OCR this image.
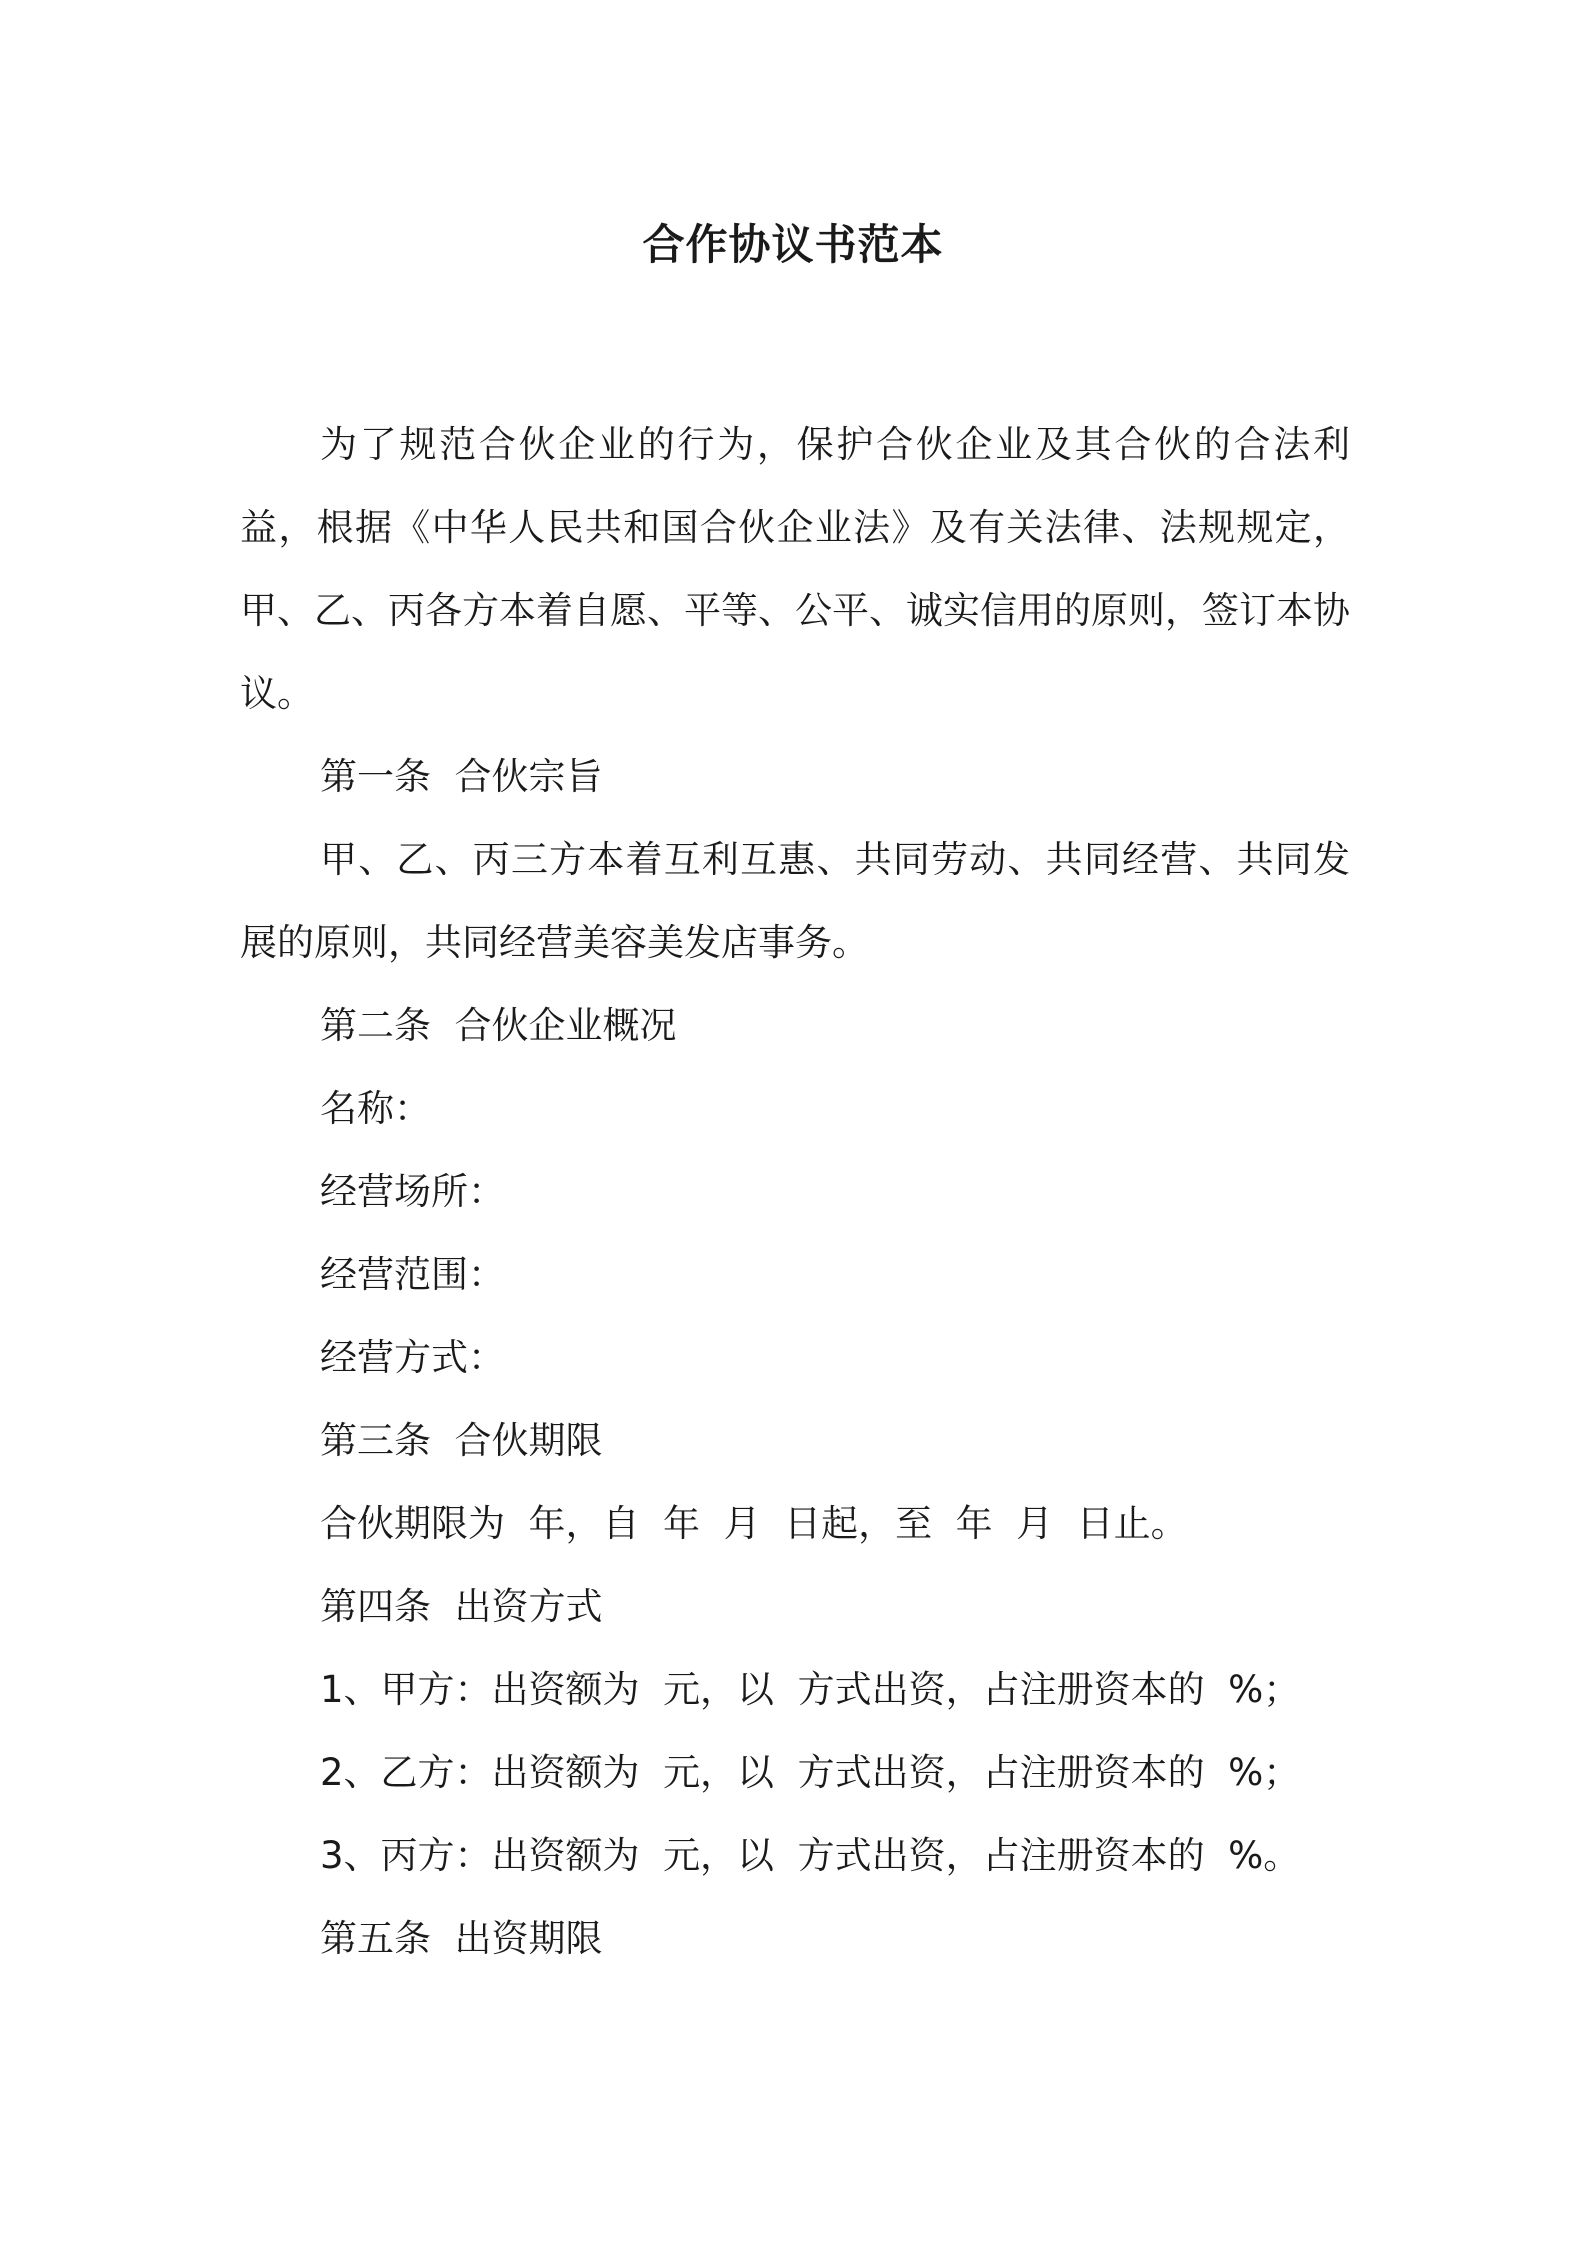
合作协议书范本

为了规范合伙企业的行为，保护合伙企业及其合伙的合法利益，根据《中华人民共和国合伙企业法》及有关法律、法规规定，甲、乙、丙各方本着自愿、平等、公平、诚实信用的原则，签订本协议。

第一条  合伙宗旨

甲、乙、丙三方本着互利互惠、共同劳动、共同经营、共同发展的原则，共同经营美容美发店事务。

第二条  合伙企业概况

名称：

经营场所：

经营范围：

经营方式：

第三条  合伙期限

合伙期限为  年，自  年  月  日起，至  年  月  日止。

第四条  出资方式

1、甲方：出资额为  元，以  方式出资，占注册资本的  %；

2、乙方：出资额为  元，以  方式出资，占注册资本的  %；

3、丙方：出资额为  元，以  方式出资，占注册资本的  %。

第五条  出资期限
